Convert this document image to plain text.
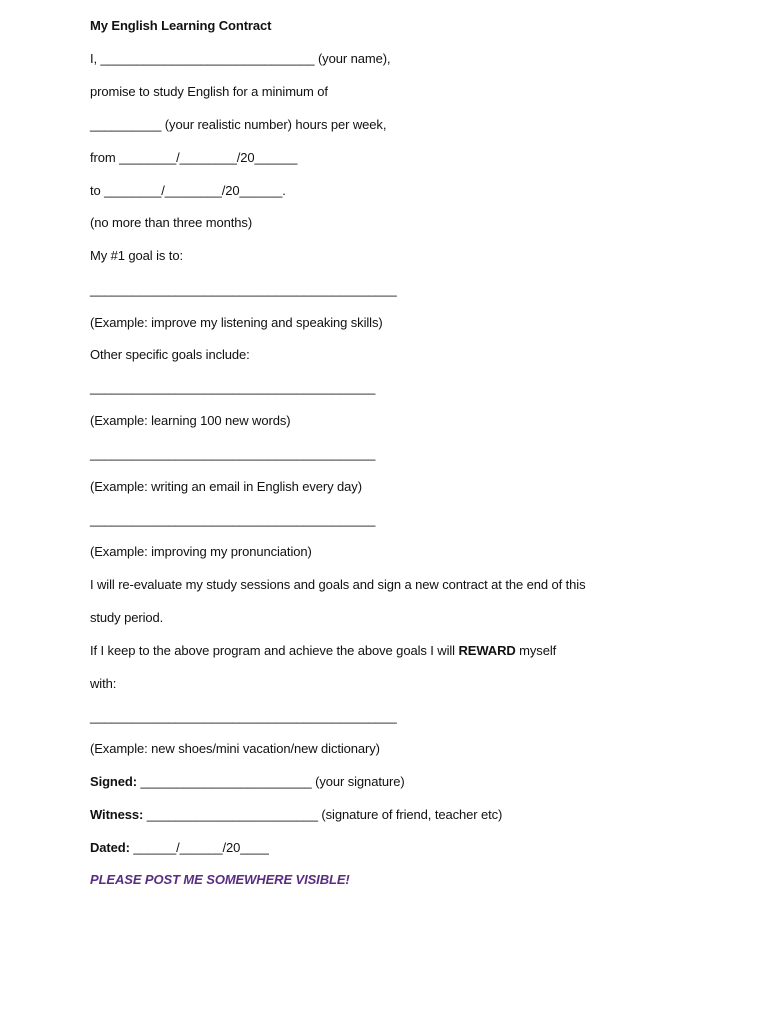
My English Learning Contract
I, ______________________________ (your name),
promise to study English for a minimum of
__________ (your realistic number) hours per week,
from ________/________/20______
to ________/________/20______.
(no more than three months)
My #1 goal is to:
___________________________________________
(Example: improve my listening and speaking skills)
Other specific goals include:
________________________________________
(Example: learning 100 new words)
________________________________________
(Example: writing an email in English every day)
________________________________________
(Example: improving my pronunciation)
I will re-evaluate my study sessions and goals and sign a new contract at the end of this
study period.
If I keep to the above program and achieve the above goals I will REWARD myself
with:
___________________________________________
(Example: new shoes/mini vacation/new dictionary)
Signed: ________________________ (your signature)
Witness: ________________________ (signature of friend, teacher etc)
Dated: ______/______/20____
PLEASE POST ME SOMEWHERE VISIBLE!
